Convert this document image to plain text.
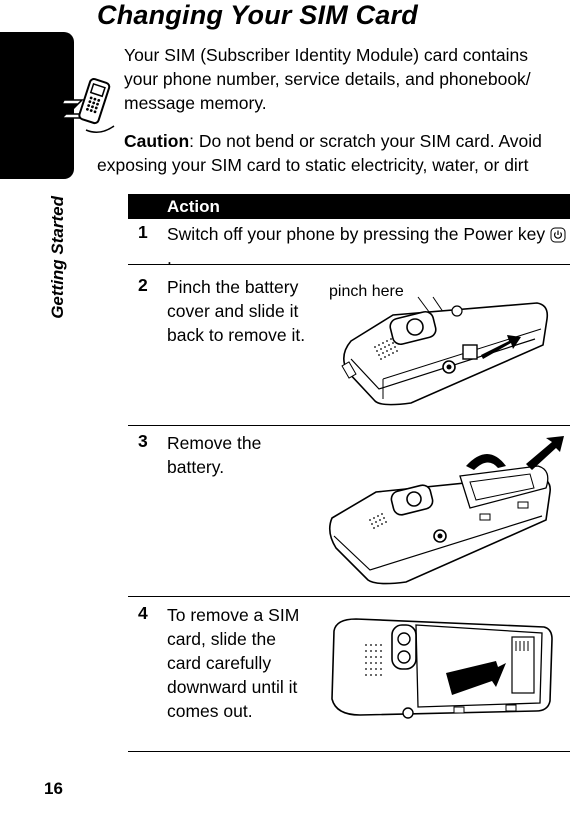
Changing Your SIM Card
Getting Started

Your SIM (Subscriber Identity Module) card contains your phone number, service details, and phonebook/ message memory.

Caution: Do not bend or scratch your SIM card. Avoid exposing your SIM card to static electricity, water, or dirt

Action
1 Switch off your phone by pressing the Power key .
2 Pinch the battery cover and slide it back to remove it.
pinch here
3 Remove the battery.
4 To remove a SIM card, slide the card carefully downward until it comes out.
16
